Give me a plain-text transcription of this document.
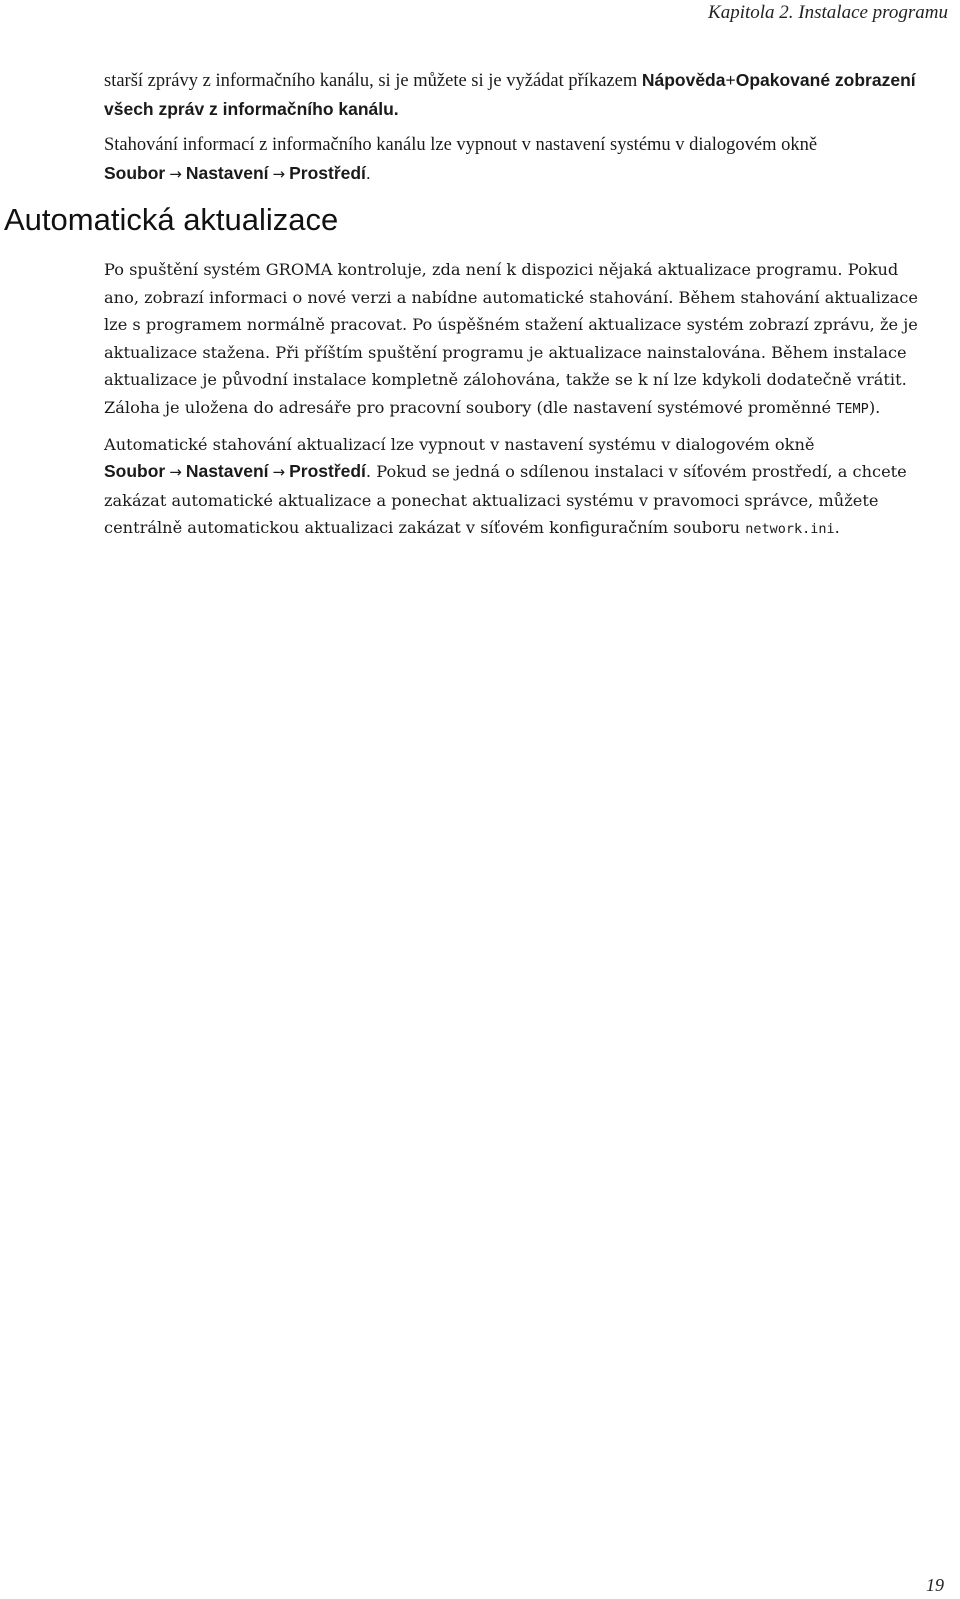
Kapitola 2. Instalace programu

starší zprávy z informačního kanálu, si je můžete si je vyžádat příkazem Nápověda+Opakované zobrazení všech zpráv z informačního kanálu.

Stahování informací z informačního kanálu lze vypnout v nastavení systému v dialogovém okně Soubor → Nastavení → Prostředí.

Automatická aktualizace

Po spuštění systém GROMA kontroluje, zda není k dispozici nějaká aktualizace programu. Pokud ano, zobrazí informaci o nové verzi a nabídne automatické stahování. Během stahování aktualizace lze s programem normálně pracovat. Po úspěšném stažení aktualizace systém zobrazí zprávu, že je aktualizace stažena. Při příštím spuštění programu je aktualizace nainstalována. Během instalace aktualizace je původní instalace kompletně zálohována, takže se k ní lze kdykoli dodatečně vrátit. Záloha je uložena do adresáře pro pracovní soubory (dle nastavení systémové proměnné TEMP).

Automatické stahování aktualizací lze vypnout v nastavení systému v dialogovém okně Soubor → Nastavení → Prostředí. Pokud se jedná o sdílenou instalaci v síťovém prostředí, a chcete zakázat automatické aktualizace a ponechat aktualizaci systému v pravomoci správce, můžete centrálně automatickou aktualizaci zakázat v síťovém konfiguračním souboru network.ini.

19
